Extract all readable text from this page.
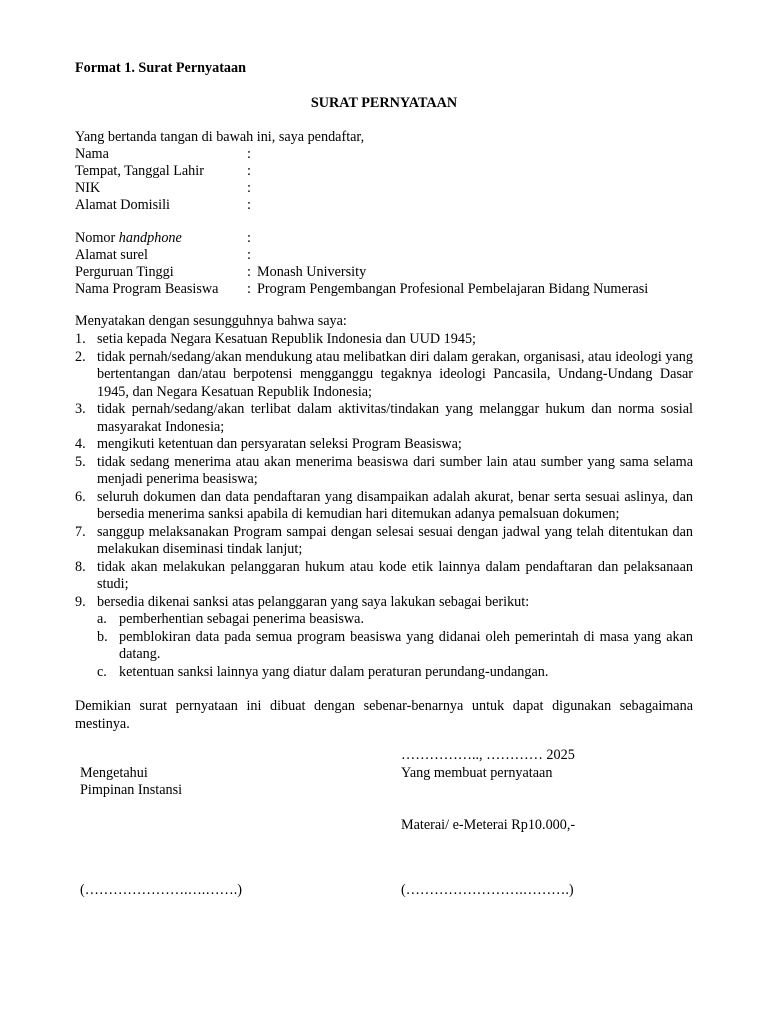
Format 1. Surat Pernyataan
SURAT PERNYATAAN
Yang bertanda tangan di bawah ini, saya pendaftar,
Nama	:
Tempat, Tanggal Lahir	:
NIK	:
Alamat Domisili	:
Nomor handphone	:
Alamat surel	:
Perguruan Tinggi	: Monash University
Nama Program Beasiswa : Program Pengembangan Profesional Pembelajaran Bidang Numerasi
Menyatakan dengan sesungguhnya bahwa saya:
1. setia kepada Negara Kesatuan Republik Indonesia dan UUD 1945;
2. tidak pernah/sedang/akan mendukung atau melibatkan diri dalam gerakan, organisasi, atau ideologi yang bertentangan dan/atau berpotensi mengganggu tegaknya ideologi Pancasila, Undang-Undang Dasar 1945, dan Negara Kesatuan Republik Indonesia;
3. tidak pernah/sedang/akan terlibat dalam aktivitas/tindakan yang melanggar hukum dan norma sosial masyarakat Indonesia;
4. mengikuti ketentuan dan persyaratan seleksi Program Beasiswa;
5. tidak sedang menerima atau akan menerima beasiswa dari sumber lain atau sumber yang sama selama menjadi penerima beasiswa;
6. seluruh dokumen dan data pendaftaran yang disampaikan adalah akurat, benar serta sesuai aslinya, dan bersedia menerima sanksi apabila di kemudian hari ditemukan adanya pemalsuan dokumen;
7. sanggup melaksanakan Program sampai dengan selesai sesuai dengan jadwal yang telah ditentukan dan melakukan diseminasi tindak lanjut;
8. tidak akan melakukan pelanggaran hukum atau kode etik lainnya dalam pendaftaran dan pelaksanaan studi;
9. bersedia dikenai sanksi atas pelanggaran yang saya lakukan sebagai berikut:
a. pemberhentian sebagai penerima beasiswa.
b. pemblokiran data pada semua program beasiswa yang didanai oleh pemerintah di masa yang akan datang.
c. ketentuan sanksi lainnya yang diatur dalam peraturan perundang-undangan.
Demikian surat pernyataan ini dibuat dengan sebenar-benarnya untuk dapat digunakan sebagaimana mestinya.
…………….., ………… 2025
Yang membuat pernyataan
Mengetahui
Pimpinan Instansi
Materai/ e-Meterai Rp10.000,-
(………………….….…….)	(…………………….……….)
